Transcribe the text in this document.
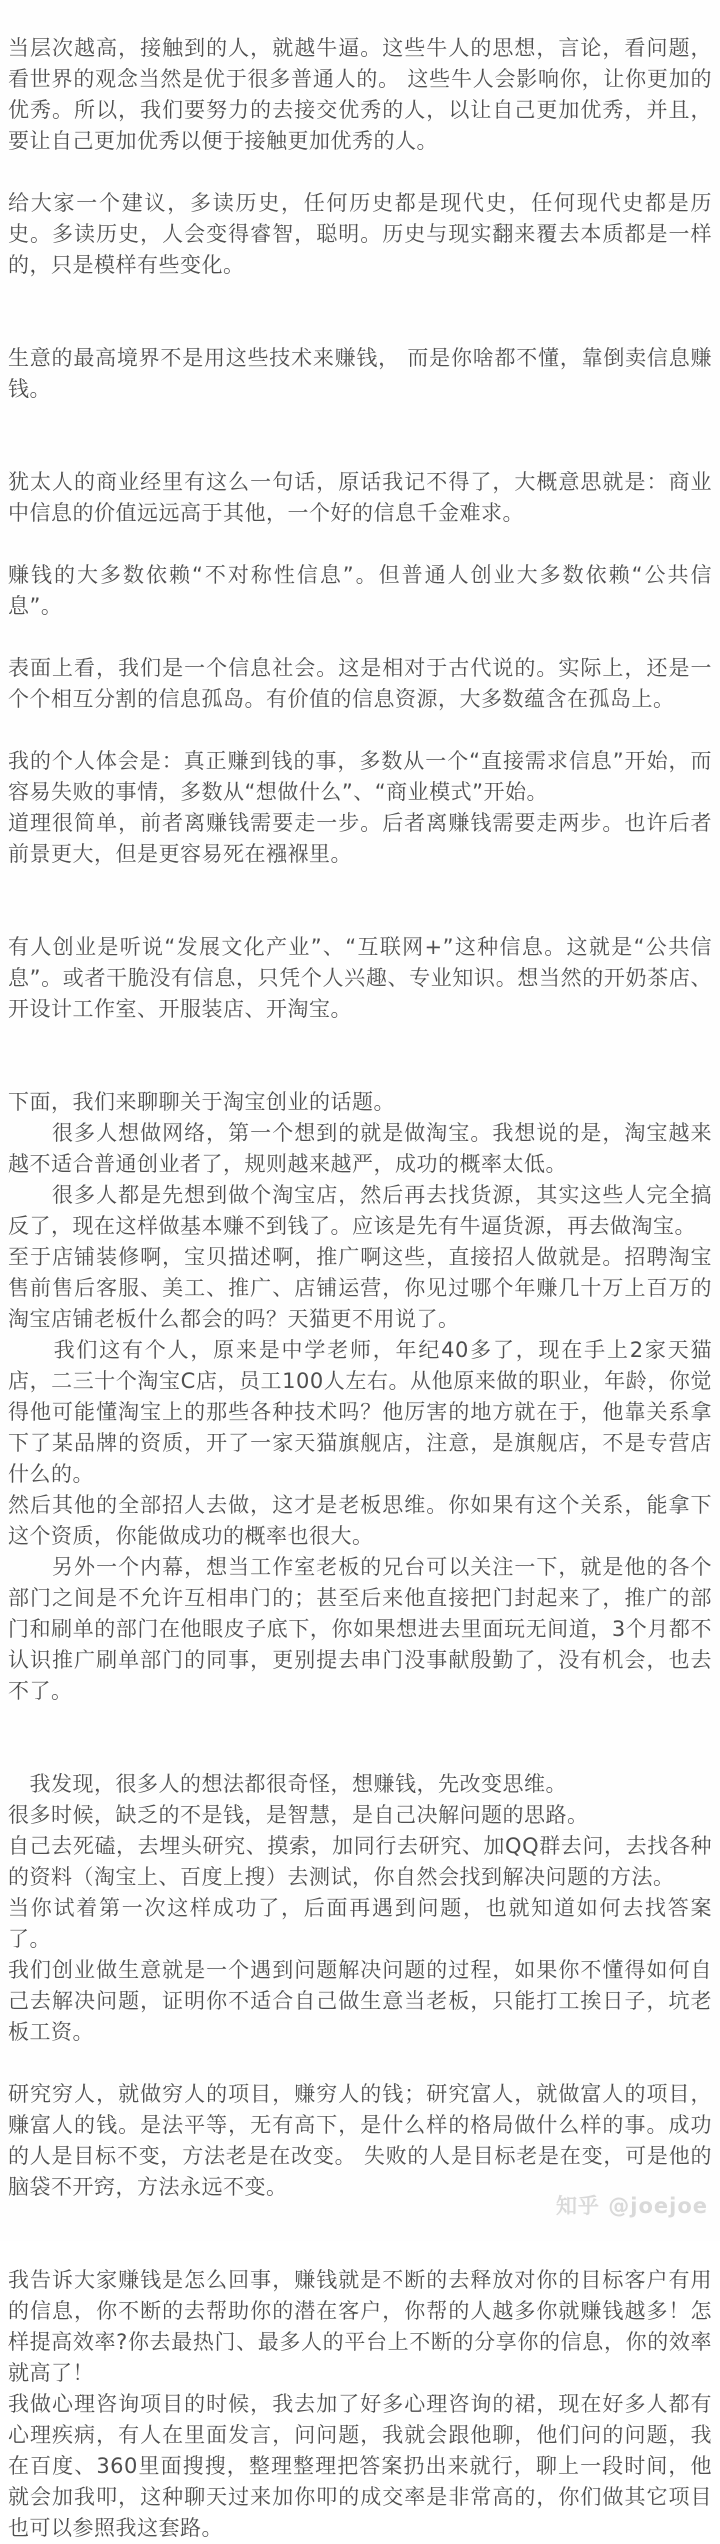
当层次越高，接触到的人，就越牛逼。这些牛人的思想，言论，看问题，看世界的观念当然是优于很多普通人的。 这些牛人会影响你，让你更加的优秀。所以，我们要努力的去接交优秀的人，以让自己更加优秀，并且，要让自己更加优秀以便于接触更加优秀的人。

给大家一个建议，多读历史，任何历史都是现代史，任何现代史都是历史。多读历史，人会变得睿智，聪明。历史与现实翻来覆去本质都是一样的，只是模样有些变化。

生意的最高境界不是用这些技术来赚钱， 而是你啥都不懂，靠倒卖信息赚钱。

犹太人的商业经里有这么一句话，原话我记不得了，大概意思就是：商业中信息的价值远远高于其他，一个好的信息千金难求。

赚钱的大多数依赖“不对称性信息”。但普通人创业大多数依赖“公共信息”。

表面上看，我们是一个信息社会。这是相对于古代说的。实际上，还是一个个相互分割的信息孤岛。有价值的信息资源，大多数蕴含在孤岛上。

我的个人体会是：真正赚到钱的事，多数从一个“直接需求信息”开始，而容易失败的事情，多数从“想做什么”、“商业模式”开始。

道理很简单，前者离赚钱需要走一步。后者离赚钱需要走两步。也许后者前景更大，但是更容易死在襁褓里。

有人创业是听说“发展文化产业”、“互联网+”这种信息。这就是“公共信息”。或者干脆没有信息，只凭个人兴趣、专业知识。想当然的开奶茶店、开设计工作室、开服装店、开淘宝。

下面，我们来聊聊关于淘宝创业的话题。

　　很多人想做网络，第一个想到的就是做淘宝。我想说的是，淘宝越来越不适合普通创业者了，规则越来越严，成功的概率太低。

　　很多人都是先想到做个淘宝店，然后再去找货源，其实这些人完全搞反了，现在这样做基本赚不到钱了。应该是先有牛逼货源，再去做淘宝。

至于店铺装修啊，宝贝描述啊，推广啊这些，直接招人做就是。招聘淘宝售前售后客服、美工、推广、店铺运营，你见过哪个年赚几十万上百万的淘宝店铺老板什么都会的吗？天猫更不用说了。

　　我们这有个人，原来是中学老师，年纪40多了，现在手上2家天猫店，二三十个淘宝C店，员工100人左右。从他原来做的职业，年龄，你觉得他可能懂淘宝上的那些各种技术吗？他厉害的地方就在于，他靠关系拿下了某品牌的资质，开了一家天猫旗舰店，注意，是旗舰店，不是专营店什么的。

然后其他的全部招人去做，这才是老板思维。你如果有这个关系，能拿下这个资质，你能做成功的概率也很大。

　　另外一个内幕，想当工作室老板的兄台可以关注一下，就是他的各个部门之间是不允许互相串门的；甚至后来他直接把门封起来了，推广的部门和刷单的部门在他眼皮子底下，你如果想进去里面玩无间道，3个月都不认识推广刷单部门的同事，更别提去串门没事献殷勤了，没有机会，也去不了。

　我发现，很多人的想法都很奇怪，想赚钱，先改变思维。

很多时候，缺乏的不是钱，是智慧，是自己决解问题的思路。

自己去死磕，去埋头研究、摸索，加同行去研究、加QQ群去问，去找各种的资料（淘宝上、百度上搜）去测试，你自然会找到解决问题的方法。

当你试着第一次这样成功了，后面再遇到问题，也就知道如何去找答案了。

我们创业做生意就是一个遇到问题解决问题的过程，如果你不懂得如何自己去解决问题，证明你不适合自己做生意当老板，只能打工挨日子，坑老板工资。

研究穷人，就做穷人的项目，赚穷人的钱；研究富人，就做富人的项目，赚富人的钱。是法平等，无有高下，是什么样的格局做什么样的事。成功的人是目标不变，方法老是在改变。 失败的人是目标老是在变，可是他的脑袋不开窍，方法永远不变。

我告诉大家赚钱是怎么回事，赚钱就是不断的去释放对你的目标客户有用的信息，你不断的去帮助你的潜在客户，你帮的人越多你就赚钱越多！怎样提高效率?你去最热门、最多人的平台上不断的分享你的信息，你的效率就高了！

我做心理咨询项目的时候，我去加了好多心理咨询的裙，现在好多人都有心理疾病，有人在里面发言，问问题，我就会跟他聊，他们问的问题，我在百度、360里面搜搜，整理整理把答案扔出来就行，聊上一段时间，他就会加我叩，这种聊天过来加你叩的成交率是非常高的，你们做其它项目也可以参照我这套路。

知乎 @joejoe
